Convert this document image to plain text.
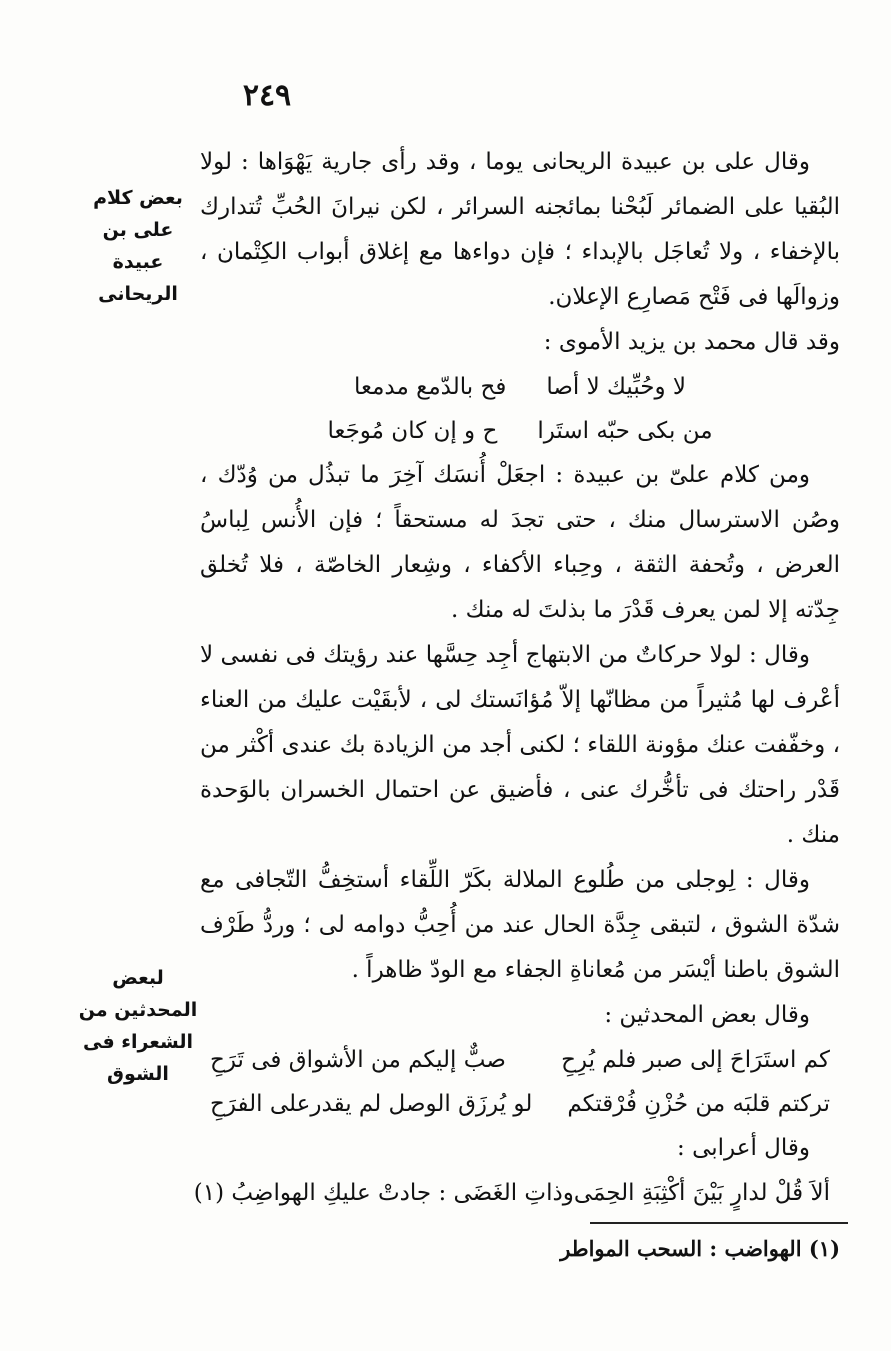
٢٤٩
بعض كلام على بن عبيدة الريحانى
لبعض المحدثين من الشعراء فى الشوق

وقال على بن عبيدة الريحانى يوما ، وقد رأى جارية يَهْوَاها : لولا البُقيا على الضمائر لَبُحْنا بمائجنه السرائر ، لكن نيرانَ الحُبِّ تُتدارك بالإخفاء ، ولا تُعاجَل بالإبداء ؛ فإن دواءها مع إغلاق أبواب الكِتْمان ، وزوالَها فى فَتْح مَصارِع الإعلان.

وقد قال محمد بن يزيد الأموى :

لا وحُبِّيك لا أصا
فح بالدّمع مدمعا
من بكى حبّه استَرا
ح و إن كان مُوجَعا

ومن كلام علىّ بن عبيدة : اجعَلْ أُنسَك آخِرَ ما تبذُل من وُدّك ، وصُن الاسترسال منك ، حتى تجدَ له مستحقاً ؛ فإن الأُنس لِباسُ العرض ، وتُحفة الثقة ، وحِباء الأكفاء ، وشِعار الخاصّة ، فلا تُخلق جِدّته إلا لمن يعرف قَدْرَ ما بذلتَ له منك .

وقال : لولا حركاتٌ من الابتهاج أجِد حِسَّها عند رؤيتك فى نفسى لا أعْرف لها مُثيراً من مظانّها إلاّ مُؤانَستك لى ، لأبقَيْت عليك من العناء ، وخفّفت عنك مؤونة اللقاء ؛ لكنى أجد من الزيادة بك عندى أكْثر من قَدْر راحتك فى تأخُّرك عنى ، فأضيق عن احتمال الخسران بالوَحدة منك .

وقال : لِوجلى من طُلوع الملالة بكَرّ اللِّقاء أستخِفُّ التّجافى مع شدّة الشوق ، لتبقى جِدَّة الحال عند من أُحِبُّ دوامه لى ؛ وردُّ طَرْف الشوق باطنا أيْسَر من مُعاناةِ الجفاء مع الودّ ظاهراً .

وقال بعض المحدثين :

كم استَرَاحَ إلى صبر فلم يُرِحِ
صبٌّ إليكم من الأشواق فى تَرَحِ
تركتم قلبَه من حُزْنِ فُرْقتكم
لو يُرزَق الوصل لم يقدرعلى الفرَحِ

وقال أعرابى :

ألاَ قُلْ لدارٍ بَيْنَ أكْثِبَةِ الحِمَى
وذاتِ الغَضَى : جادتْ عليكِ الهواضِبُ (١)
(١) الهواضب : السحب المواطر
